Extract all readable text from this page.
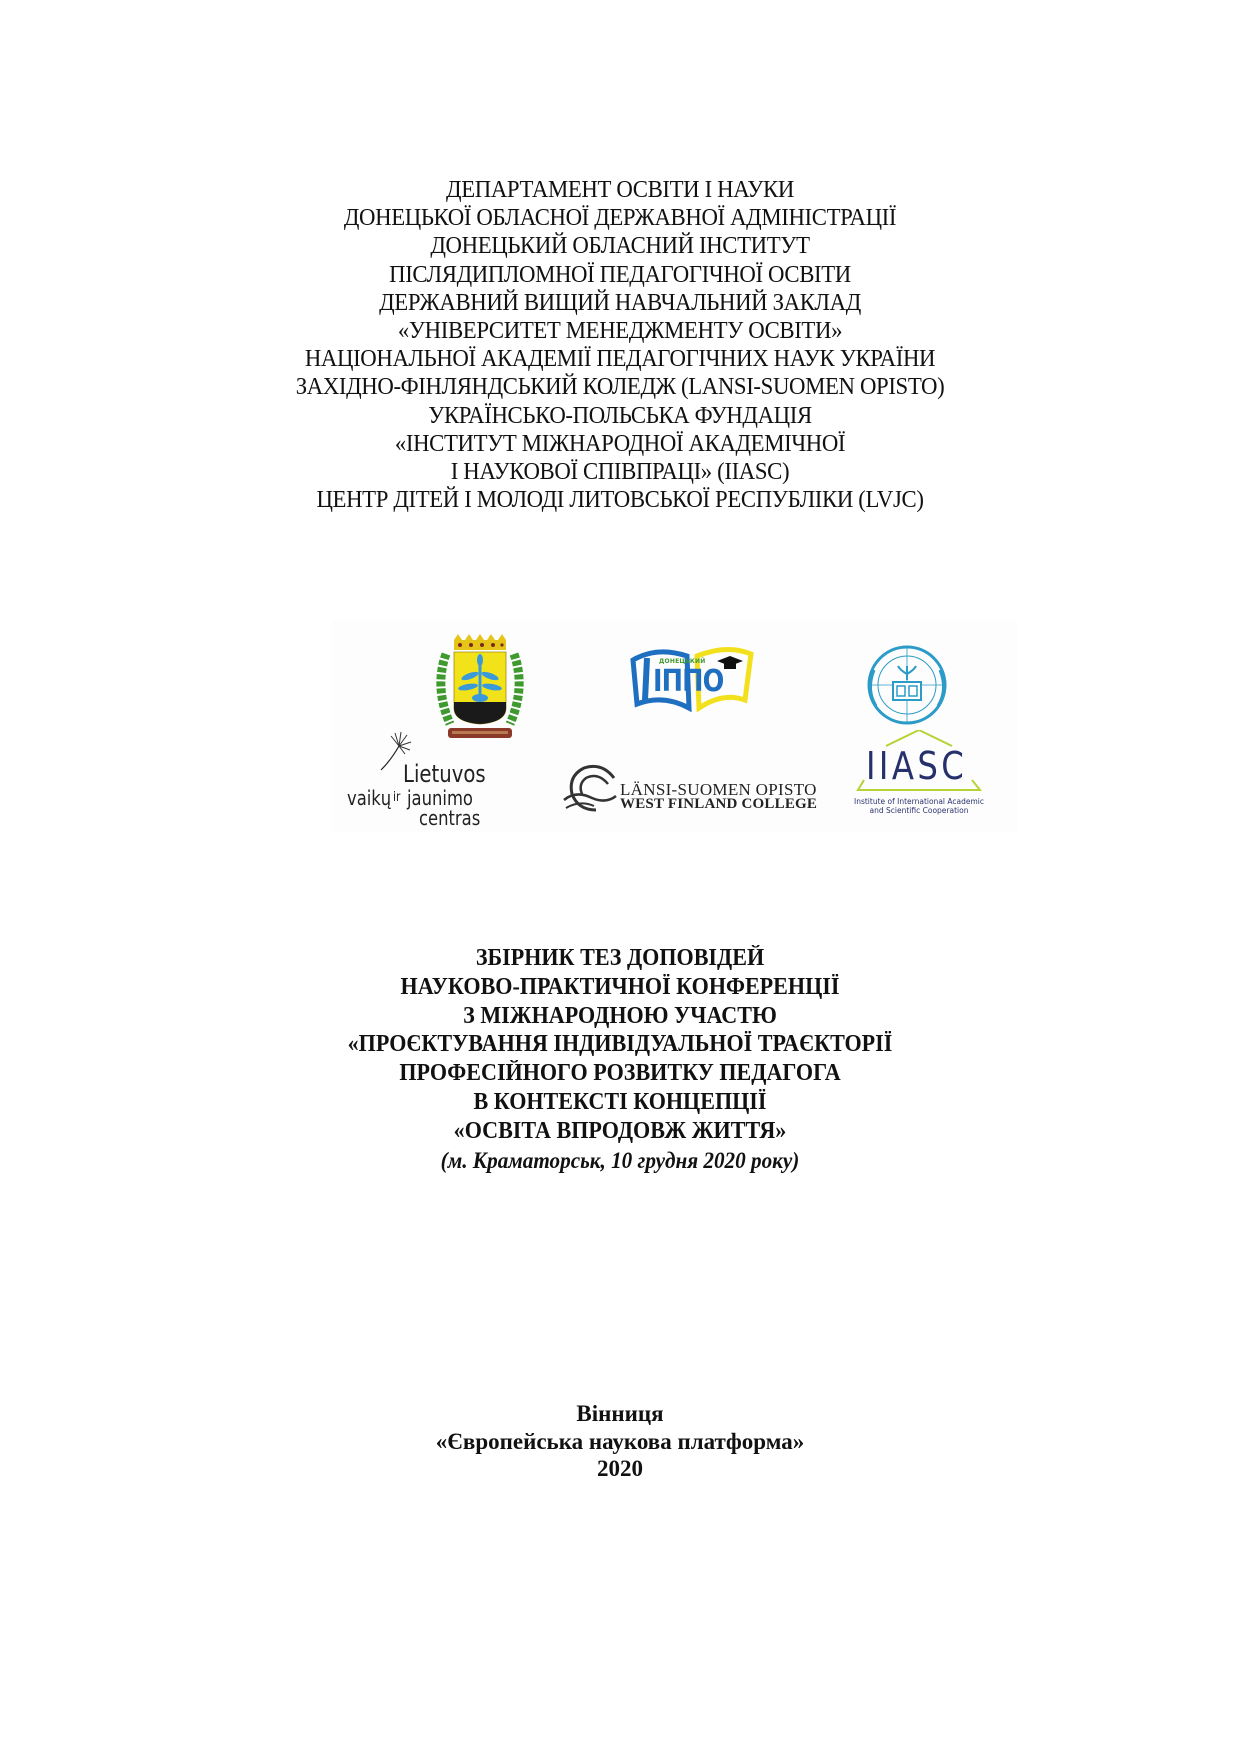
ДЕПАРТАМЕНТ ОСВІТИ І НАУКИ
ДОНЕЦЬКОЇ ОБЛАСНОЇ ДЕРЖАВНОЇ АДМІНІСТРАЦІЇ
ДОНЕЦЬКИЙ ОБЛАСНИЙ ІНСТИТУТ
ПІСЛЯДИПЛОМНОЇ ПЕДАГОГІЧНОЇ ОСВІТИ
ДЕРЖАВНИЙ ВИЩИЙ НАВЧАЛЬНИЙ ЗАКЛАД
«УНІВЕРСИТЕТ МЕНЕДЖМЕНТУ ОСВІТИ»
НАЦІОНАЛЬНОЇ АКАДЕМІЇ ПЕДАГОГІЧНИХ НАУК УКРАЇНИ
ЗАХІДНО-ФІНЛЯНДСЬКИЙ КОЛЕДЖ (LANSI-SUOMEN OPISTO)
УКРАЇНСЬКО-ПОЛЬСЬКА ФУНДАЦІЯ
«ІНСТИТУТ МІЖНАРОДНОЇ АКАДЕМІЧНОЇ
І НАУКОВОЇ СПІВПРАЦІ» (IIASC)
ЦЕНТР ДІТЕЙ І МОЛОДІ ЛИТОВСЬКОЇ РЕСПУБЛІКИ (LVJC)
ДОНЕЦЬКИЙ
ІППО
Lietuvos
vaikų ir jaunimo
centras
LÄNSI-SUOMEN OPISTO
WEST FINLAND COLLEGE
IIASC
Institute of International Academic
and Scientific Cooperation
ЗБІРНИК ТЕЗ ДОПОВІДЕЙ
НАУКОВО-ПРАКТИЧНОЇ КОНФЕРЕНЦІЇ
З МІЖНАРОДНОЮ УЧАСТЮ
«ПРОЄКТУВАННЯ ІНДИВІДУАЛЬНОЇ ТРАЄКТОРІЇ
ПРОФЕСІЙНОГО РОЗВИТКУ ПЕДАГОГА
В КОНТЕКСТІ КОНЦЕПЦІЇ
«ОСВІТА ВПРОДОВЖ ЖИТТЯ»
(м. Краматорськ, 10 грудня 2020 року)
Вінниця
«Європейська наукова платформа»
2020
